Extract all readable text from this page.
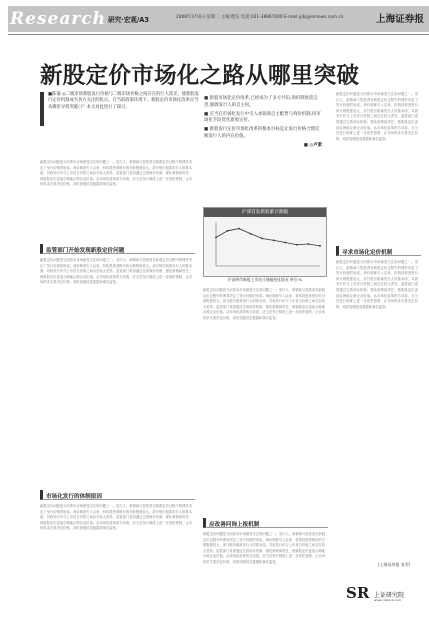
Research 研究·宏观/A3	2008年3月4日 星期二 主编:程实 电话:021-38967000 E-mail:yjbj@ssnews.com.cn	上海证券报
新股定价市场化之路从哪里突破
■陈瑜 ◎二级市场新股发行价格与二级市场价格之间存在的巨大落差，使新股发行定价机制成为各方关注的焦点。在当前政策环境下，新股定价市场化改革应当从哪里寻找突破口？本文对此进行了探讨。

■ 新股市场化定价改革,已经成为了多方共识,询价制度需完善,强调发行人的自主权。

■ 应当在市场化发行中引入承销商自主配售与询价机制,用市场化手段优化新股定价。

■ 新股发行定价市场化改革的根本目标是让发行价格合理反映发行人的内在价值。

■ ◎卢素

新股定价问题是当前资本市场最受关注的问题之一。发行人、承销商与投资者在新股定价过程中的博弈决定了发行价格的形成。询价制度引入以来，机构投资者报价的分散程度较大，部分报价脱离发行人的基本面，导致发行价与上市首日价格之间存在较大差异。监管部门希望通过完善询价机制、强化承销商责任，使新股定价更加合理地反映企业价值。从市场化改革的方向看，应当在发行制度上进一步放松管制，让市场供求关系决定价格，同时加强信息披露和事后监管。
监管部门开始发现新股定价问题
新股定价问题是当前资本市场最受关注的问题之一。发行人、承销商与投资者在新股定价过程中的博弈决定了发行价格的形成。询价制度引入以来，机构投资者报价的分散程度较大，部分报价脱离发行人的基本面，导致发行价与上市首日价格之间存在较大差异。监管部门希望通过完善询价机制、强化承销商责任，使新股定价更加合理地反映企业价值。从市场化改革的方向看，应当在发行制度上进一步放松管制，让市场供求关系决定价格，同时加强信息披露和事后监管。
市场化发行的体制原因
新股定价问题是当前资本市场最受关注的问题之一。发行人、承销商与投资者在新股定价过程中的博弈决定了发行价格的形成。询价制度引入以来，机构投资者报价的分散程度较大，部分报价脱离发行人的基本面，导致发行价与上市首日价格之间存在较大差异。监管部门希望通过完善询价机制、强化承销商责任，使新股定价更加合理地反映企业价值。从市场化改革的方向看，应当在发行制度上进一步放松管制，让市场供求关系决定价格，同时加强信息披露和事后监管。
沪深首发新股累计涨幅
沪深两市新股上市首日涨幅变化情况 单位:%
新股定价问题是当前资本市场最受关注的问题之一。发行人、承销商与投资者在新股定价过程中的博弈决定了发行价格的形成。询价制度引入以来，机构投资者报价的分散程度较大，部分报价脱离发行人的基本面，导致发行价与上市首日价格之间存在较大差异。监管部门希望通过完善询价机制、强化承销商责任，使新股定价更加合理地反映企业价值。从市场化改革的方向看，应当在发行制度上进一步放松管制，让市场供求关系决定价格，同时加强信息披露和事后监管。
应改善问询上报机制
新股定价问题是当前资本市场最受关注的问题之一。发行人、承销商与投资者在新股定价过程中的博弈决定了发行价格的形成。询价制度引入以来，机构投资者报价的分散程度较大，部分报价脱离发行人的基本面，导致发行价与上市首日价格之间存在较大差异。监管部门希望通过完善询价机制、强化承销商责任，使新股定价更加合理地反映企业价值。从市场化改革的方向看，应当在发行制度上进一步放松管制，让市场供求关系决定价格，同时加强信息披露和事后监管。
新股定价问题是当前资本市场最受关注的问题之一。发行人、承销商与投资者在新股定价过程中的博弈决定了发行价格的形成。询价制度引入以来，机构投资者报价的分散程度较大，部分报价脱离发行人的基本面，导致发行价与上市首日价格之间存在较大差异。监管部门希望通过完善询价机制、强化承销商责任，使新股定价更加合理地反映企业价值。从市场化改革的方向看，应当在发行制度上进一步放松管制，让市场供求关系决定价格，同时加强信息披露和事后监管。
寻求市场化定价机制
新股定价问题是当前资本市场最受关注的问题之一。发行人、承销商与投资者在新股定价过程中的博弈决定了发行价格的形成。询价制度引入以来，机构投资者报价的分散程度较大，部分报价脱离发行人的基本面，导致发行价与上市首日价格之间存在较大差异。监管部门希望通过完善询价机制、强化承销商责任，使新股定价更加合理地反映企业价值。从市场化改革的方向看，应当在发行制度上进一步放松管制，让市场供求关系决定价格，同时加强信息披露和事后监管。
(上海证券报 张雪)
SR 上证研究院
www.cnstock.com
